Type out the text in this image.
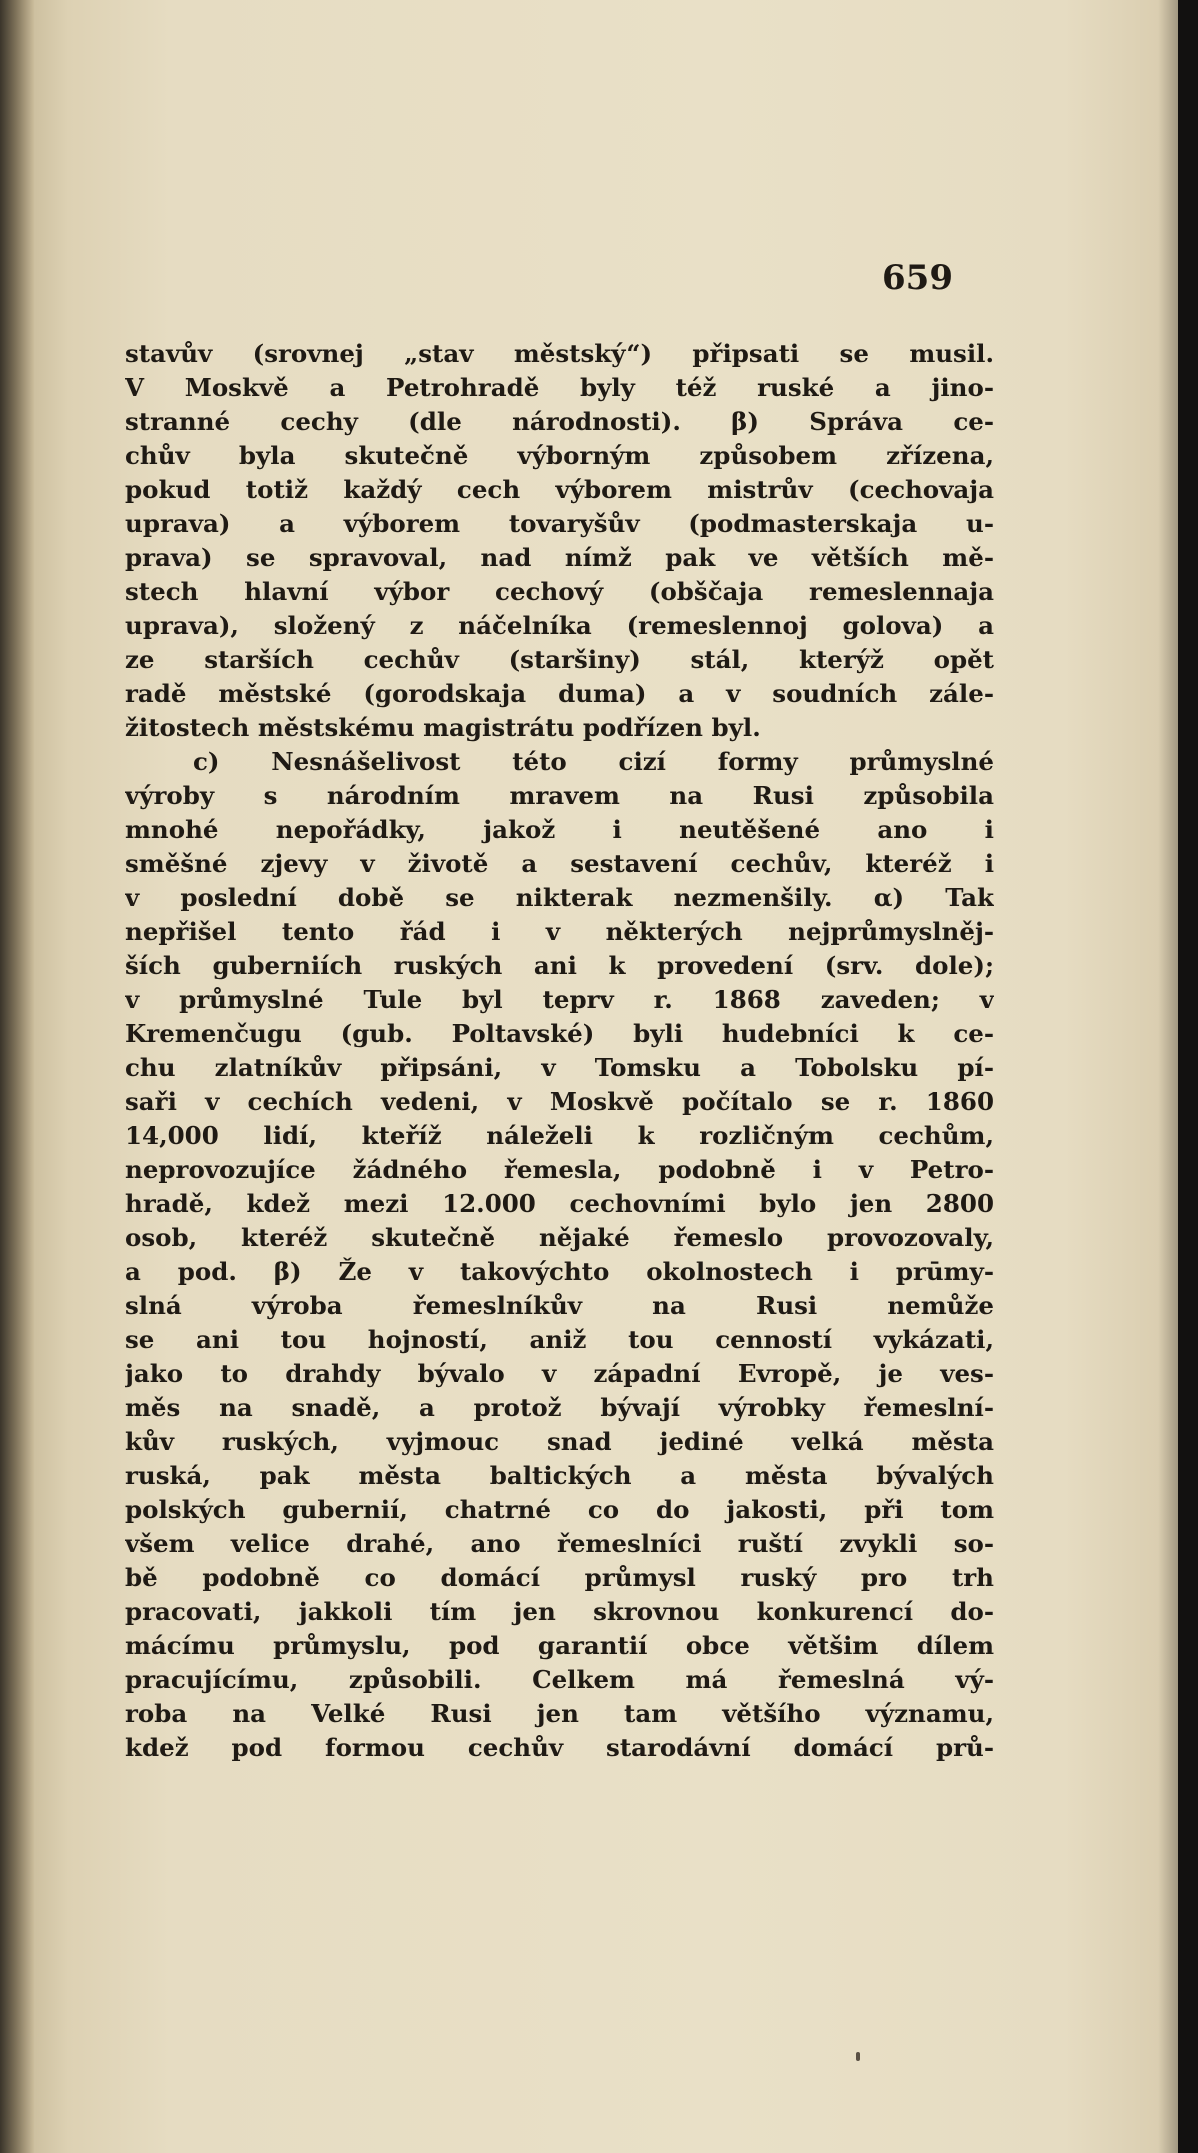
659
stavův (srovnej „stav městský“) připsati se musil.
V Moskvě a Petrohradě byly též ruské a jino-
stranné cechy (dle národnosti). β) Správa ce-
chův byla skutečně výborným způsobem zřízena,
pokud totiž každý cech výborem mistrův (cechovaja
uprava) a výborem tovaryšův (podmasterskaja u-
prava) se spravoval, nad nímž pak ve větších mě-
stech hlavní výbor cechový (obščaja remeslennaja
uprava), složený z náčelníka (remeslennoj golova) a
ze starších cechův (staršiny) stál, kterýž opět
radě městské (gorodskaja duma) a v soudních zále-
žitostech městskému magistrátu podřízen byl.
c) Nesnášelivost této cizí formy průmyslné
výroby s národním mravem na Rusi způsobila
mnohé nepořádky, jakož i neutěšené ano i
směšné zjevy v životě a sestavení cechův, kteréž i
v poslední době se nikterak nezmenšily. α) Tak
nepřišel tento řád i v některých nejprůmyslněj-
ších guberniích ruských ani k provedení (srv. dole);
v průmyslné Tule byl teprv r. 1868 zaveden; v
Kremenčugu (gub. Poltavské) byli hudebníci k ce-
chu zlatníkův připsáni, v Tomsku a Tobolsku pí-
saři v cechích vedeni, v Moskvě počítalo se r. 1860
14,000 lidí, kteříž náleželi k rozličným cechům,
neprovozujíce žádného řemesla, podobně i v Petro-
hradě, kdež mezi 12.000 cechovními bylo jen 2800
osob, kteréž skutečně nějaké řemeslo provozovaly,
a pod. β) Že v takovýchto okolnostech i prūmy-
slná výroba řemeslníkův na Rusi nemůže
se ani tou hojností, aniž tou cenností vykázati,
jako to drahdy bývalo v západní Evropě, je ves-
měs na snadě, a protož bývají výrobky řemeslní-
kův ruských, vyjmouc snad jediné velká města
ruská, pak města baltických a města bývalých
polských gubernií, chatrné co do jakosti, při tom
všem velice drahé, ano řemeslníci ruští zvykli so-
bě podobně co domácí průmysl ruský pro trh
pracovati, jakkoli tím jen skrovnou konkurencí do-
mácímu průmyslu, pod garantií obce většim dílem
pracujícímu, způsobili. Celkem má řemeslná vý-
roba na Velké Rusi jen tam většího významu,
kdež pod formou cechův starodávní domácí prů-
